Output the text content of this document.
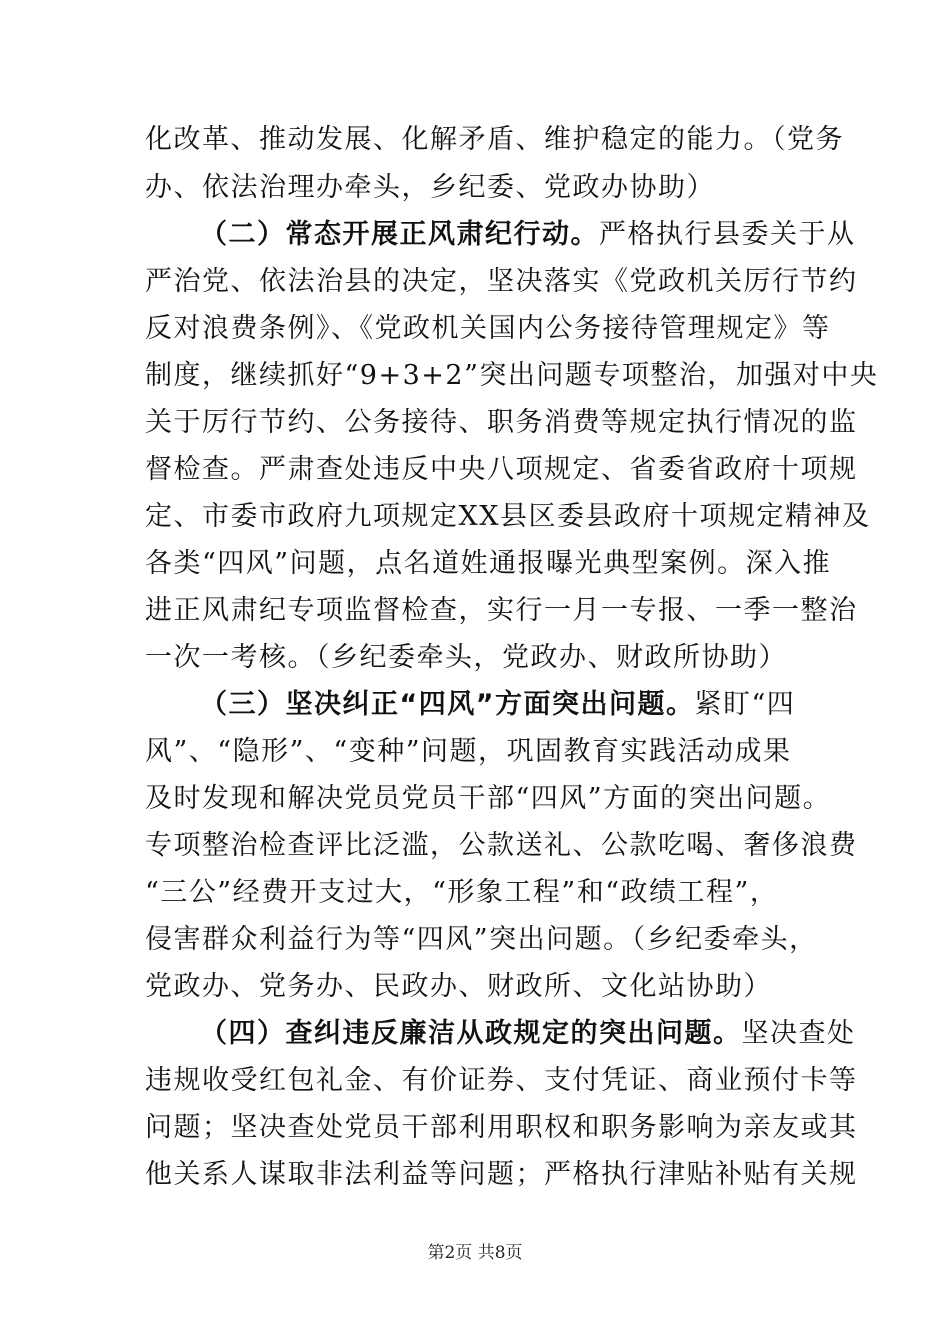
化改革、推动发展、化解矛盾、维护稳定的能力。（党务
办、依法治理办牵头，乡纪委、党政办协助）
（二）常态开展正风肃纪行动。严格执行县委关于从
严治党、依法治县的决定，坚决落实《党政机关厉行节约
反对浪费条例》、《党政机关国内公务接待管理规定》等
制度，继续抓好“9+3+2”突出问题专项整治，加强对中央
关于厉行节约、公务接待、职务消费等规定执行情况的监
督检查。严肃查处违反中央八项规定、省委省政府十项规
定、市委市政府九项规定XX县区委县政府十项规定精神及
各类“四风”问题，点名道姓通报曝光典型案例。深入推
进正风肃纪专项监督检查，实行一月一专报、一季一整治
一次一考核。（乡纪委牵头，党政办、财政所协助）
（三）坚决纠正“四风”方面突出问题。紧盯“四
风”、“隐形”、“变种”问题，巩固教育实践活动成果
及时发现和解决党员党员干部“四风”方面的突出问题。
专项整治检查评比泛滥，公款送礼、公款吃喝、奢侈浪费
“三公”经费开支过大，“形象工程”和“政绩工程”，
侵害群众利益行为等“四风”突出问题。（乡纪委牵头，
党政办、党务办、民政办、财政所、文化站协助）
（四）查纠违反廉洁从政规定的突出问题。坚决查处
违规收受红包礼金、有价证券、支付凭证、商业预付卡等
问题；坚决查处党员干部利用职权和职务影响为亲友或其
他关系人谋取非法利益等问题；严格执行津贴补贴有关规
第2页 共8页
